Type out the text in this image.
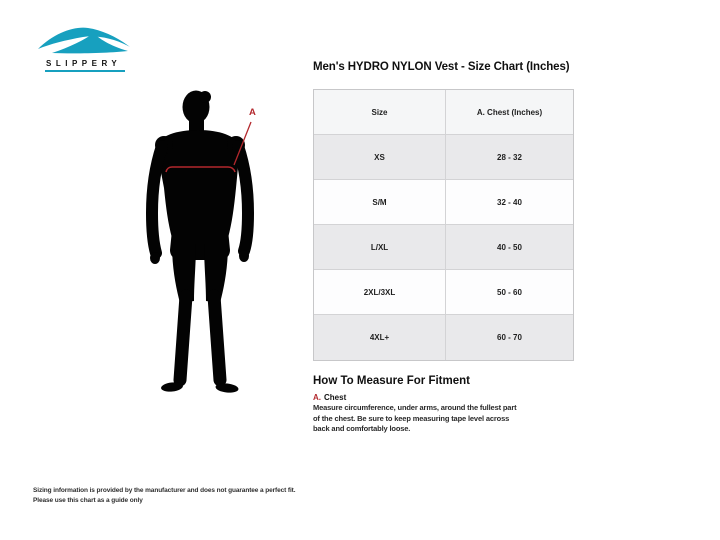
SLIPPERY
A
Men's HYDRO NYLON Vest - Size Chart (Inches)
Size	A. Chest (Inches)
XS	28 - 32
S/M	32 - 40
L/XL	40 - 50
2XL/3XL	50 - 60
4XL+	60 - 70
How To Measure For Fitment
A. Chest
Measure circumference, under arms, around the fullest part
of the chest. Be sure to keep measuring tape level across
back and comfortably loose.
Sizing information is provided by the manufacturer and does not guarantee a perfect fit.
Please use this chart as a guide only
